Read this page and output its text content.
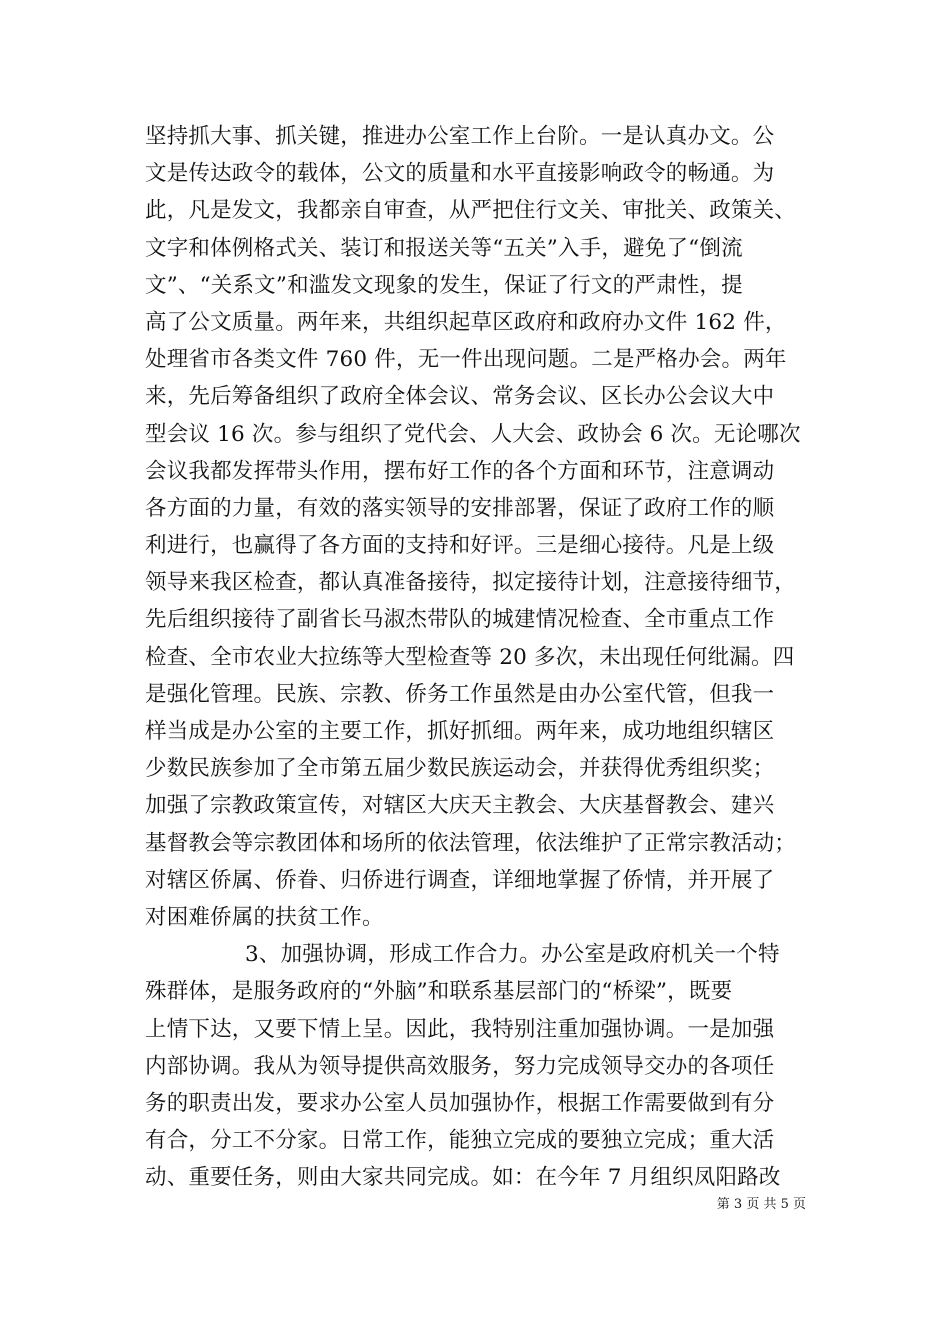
坚持抓大事、抓关键，推进办公室工作上台阶。一是认真办文。公
文是传达政令的载体，公文的质量和水平直接影响政令的畅通。为
此，凡是发文，我都亲自审查，从严把住行文关、审批关、政策关、
文字和体例格式关、装订和报送关等“五关”入手，避免了“倒流
文”、“关系文”和滥发文现象的发生，保证了行文的严肃性，提
高了公文质量。两年来，共组织起草区政府和政府办文件 162 件，
处理省市各类文件 760 件，无一件出现问题。二是严格办会。两年
来，先后筹备组织了政府全体会议、常务会议、区长办公会议大中
型会议 16 次。参与组织了党代会、人大会、政协会 6 次。无论哪次
会议我都发挥带头作用，摆布好工作的各个方面和环节，注意调动
各方面的力量，有效的落实领导的安排部署，保证了政府工作的顺
利进行，也赢得了各方面的支持和好评。三是细心接待。凡是上级
领导来我区检查，都认真准备接待，拟定接待计划，注意接待细节，
先后组织接待了副省长马淑杰带队的城建情况检查、全市重点工作
检查、全市农业大拉练等大型检查等 20 多次，未出现任何纰漏。四
是强化管理。民族、宗教、侨务工作虽然是由办公室代管，但我一
样当成是办公室的主要工作，抓好抓细。两年来，成功地组织辖区
少数民族参加了全市第五届少数民族运动会，并获得优秀组织奖；
加强了宗教政策宣传，对辖区大庆天主教会、大庆基督教会、建兴
基督教会等宗教团体和场所的依法管理，依法维护了正常宗教活动；
对辖区侨属、侨眷、归侨进行调查，详细地掌握了侨情，并开展了
对困难侨属的扶贫工作。
3、加强协调，形成工作合力。办公室是政府机关一个特
殊群体，是服务政府的“外脑”和联系基层部门的“桥梁”，既要
上情下达，又要下情上呈。因此，我特别注重加强协调。一是加强
内部协调。我从为领导提供高效服务，努力完成领导交办的各项任
务的职责出发，要求办公室人员加强协作，根据工作需要做到有分
有合，分工不分家。日常工作，能独立完成的要独立完成；重大活
动、重要任务，则由大家共同完成。如：在今年 7 月组织凤阳路改
第 3 页 共 5 页
